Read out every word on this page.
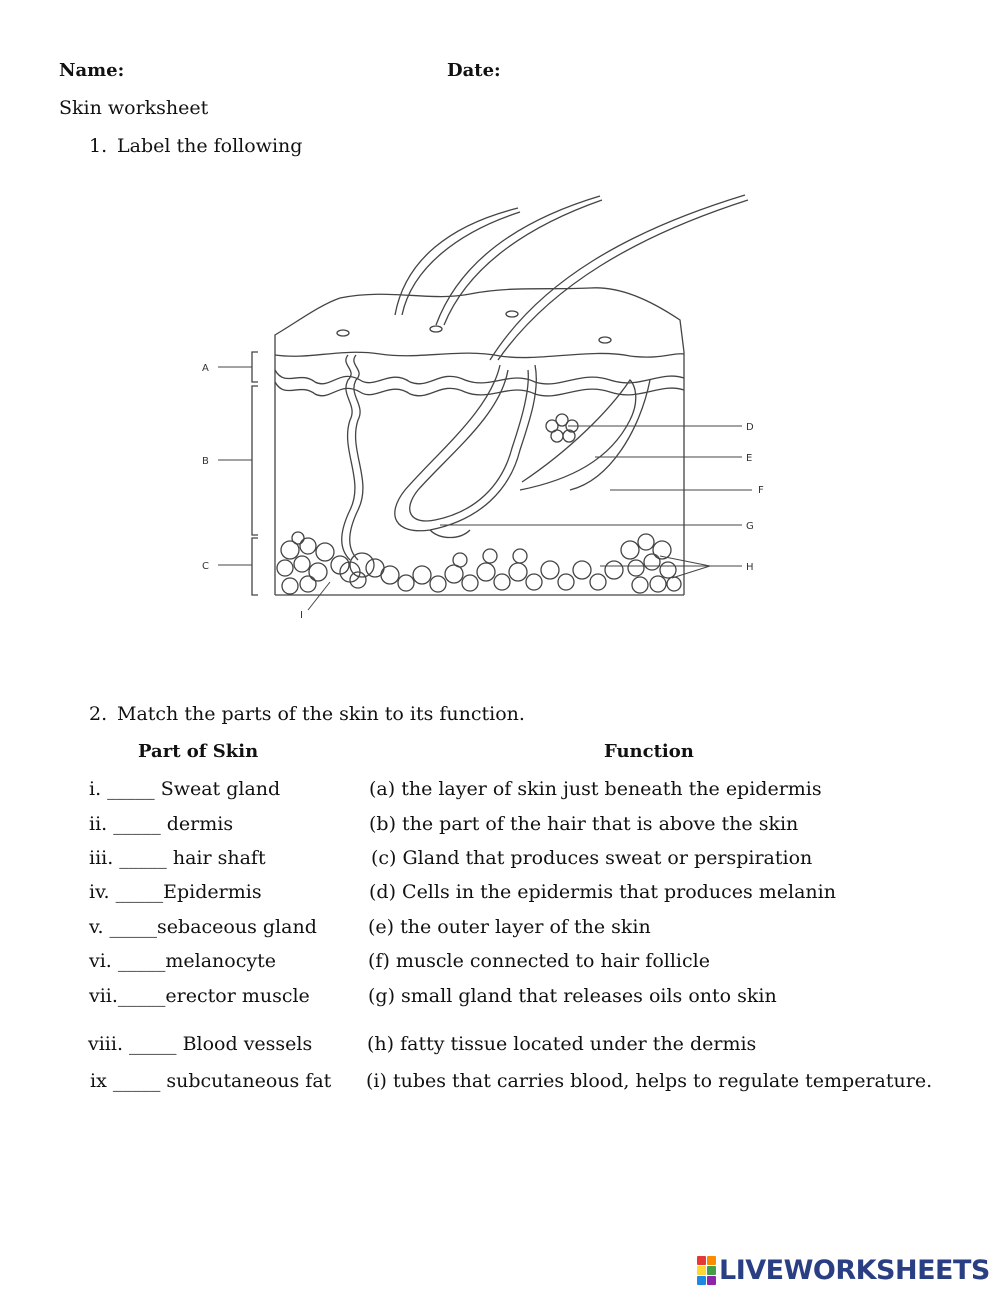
Name:	Date:
Skin worksheet
1. Label the following
A
B
C
D
E
F
G
H
I
2. Match the parts of the skin to its function.
Part of Skin	Function
i. _____ Sweat gland	(a) the layer of skin just beneath the epidermis
ii. _____ dermis	(b) the part of the hair that is above the skin
iii. _____ hair shaft	(c) Gland that produces sweat or perspiration
iv. _____Epidermis	(d) Cells in the epidermis that produces melanin
v. _____sebaceous gland	(e) the outer layer of the skin
vi. _____melanocyte	(f) muscle connected to hair follicle
vii._____erector muscle	(g) small gland that releases oils onto skin
viii. _____ Blood vessels	(h) fatty tissue located under the dermis
ix _____ subcutaneous fat (i) tubes that carries blood, helps to regulate temperature.
LIVEWORKSHEETS
